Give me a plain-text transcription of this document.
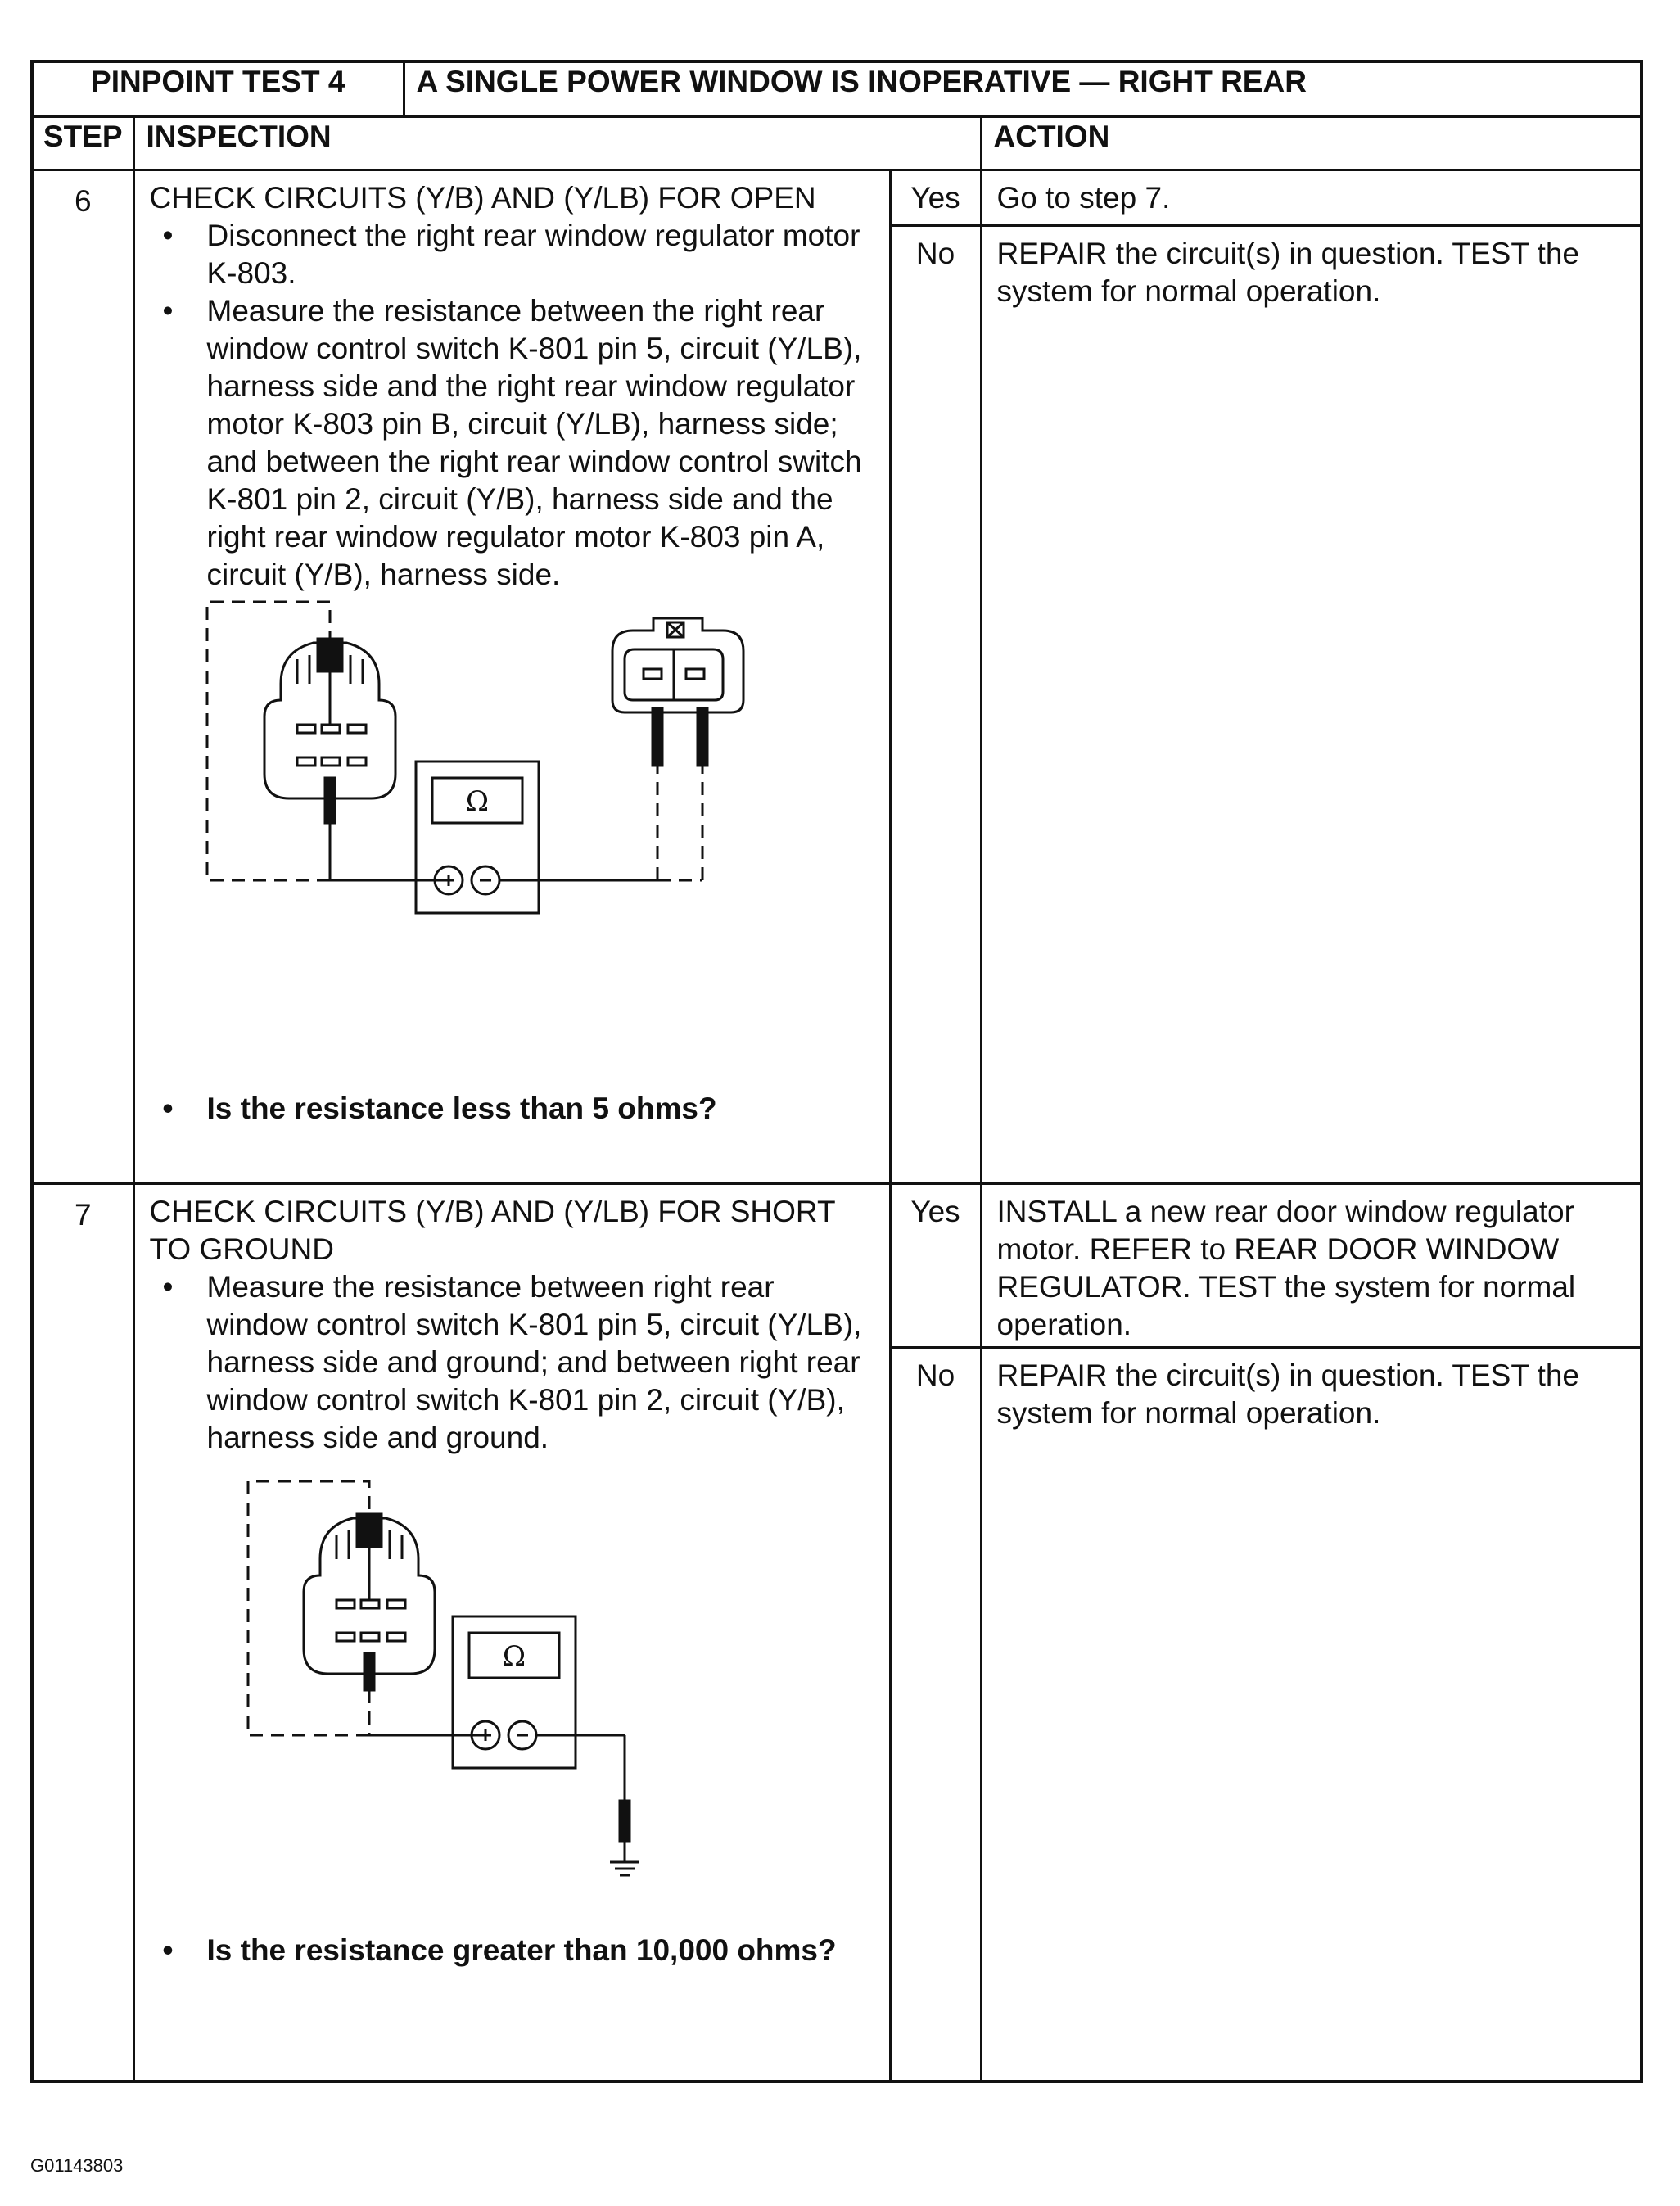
PINPOINT TEST 4		A SINGLE POWER WINDOW IS INOPERATIVE — RIGHT REAR		
STEP	INSPECTION			ACTION
6	CHECK CIRCUITS (Y/B) AND (Y/LB) FOR OPEN
• Disconnect the right rear window regulator motor K-803.
• Measure the resistance between the right rear window control switch K-801 pin 5, circuit (Y/LB), harness side and the right rear window regulator motor K-803 pin B, circuit (Y/LB), harness side; and between the right rear window control switch K-801 pin 2, circuit (Y/B), harness side and the right rear window regulator motor K-803 pin A, circuit (Y/B), harness side.
Ω
• Is the resistance less than 5 ohms?		Yes	Go to step 7.
			No	REPAIR the circuit(s) in question. TEST the system for normal operation.
7	CHECK CIRCUITS (Y/B) AND (Y/LB) FOR SHORT TO GROUND
• Measure the resistance between right rear window control switch K-801 pin 5, circuit (Y/LB), harness side and ground; and between right rear window control switch K-801 pin 2, circuit (Y/B), harness side and ground.
Ω
• Is the resistance greater than 10,000 ohms?		Yes	INSTALL a new rear door window regulator motor. REFER to REAR DOOR WINDOW REGULATOR. TEST the system for normal operation.
			No	REPAIR the circuit(s) in question. TEST the system for normal operation.
G01143803
